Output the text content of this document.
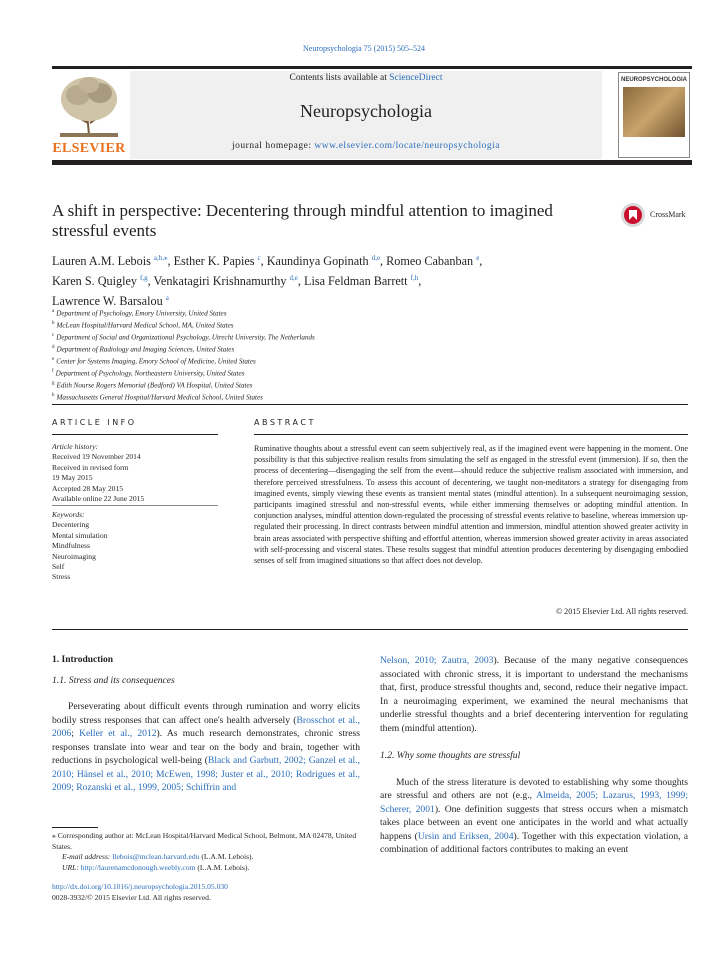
Neuropsychologia 75 (2015) 505–524
ELSEVIER
Contents lists available at ScienceDirect
Neuropsychologia
journal homepage: www.elsevier.com/locate/neuropsychologia
NEUROPSYCHOLOGIA
A shift in perspective: Decentering through mindful attention to imagined stressful events
CrossMark
Lauren A.M. Lebois $^{a,b,⁎}$, Esther K. Papies $^c$, Kaundinya Gopinath $^{d,e}$, Romeo Cabanban $^e$,
Karen S. Quigley $^{f,g}$, Venkatagiri Krishnamurthy $^{d,e}$, Lisa Feldman Barrett $^{f,h}$,
Lawrence W. Barsalou $^a$
$^a$ Department of Psychology, Emory University, United States
$^b$ McLean Hospital/Harvard Medical School, MA, United States
$^c$ Department of Social and Organizational Psychology, Utrecht University, The Netherlands
$^d$ Department of Radiology and Imaging Sciences, United States
$^e$ Center for Systems Imaging, Emory School of Medicine, United States
$^f$ Department of Psychology, Northeastern University, United States
$^g$ Edith Nourse Rogers Memorial (Bedford) VA Hospital, United States
$^h$ Massachusetts General Hospital/Harvard Medical School, United States
ARTICLE INFO	ABSTRACT
Article history:
Received 19 November 2014
Received in revised form
19 May 2015
Accepted 28 May 2015
Available online 22 June 2015
Keywords:
Decentering
Mental simulation
Mindfulness
Neuroimaging
Self
Stress
Ruminative thoughts about a stressful event can seem subjectively real, as if the imagined event were happening in the moment. One possibility is that this subjective realism results from simulating the self as engaged in the stressful event (immersion). If so, then the process of decentering—disengaging the self from the event—should reduce the subjective realism associated with immersion, and therefore perceived stressfulness. To assess this account of decentering, we taught non-meditators a strategy for disengaging from imagined events, simply viewing these events as transient mental states (mindful attention). In a subsequent neuroimaging session, participants imagined stressful and non-stressful events, while either immersing themselves or adopting mindful attention. In conjunction analyses, mindful attention down-regulated the processing of stressful events relative to baseline, whereas immersion up-regulated their processing. In direct contrasts between mindful attention and immersion, mindful attention showed greater activity in brain areas associated with perspective shifting and effortful attention, whereas immersion showed greater activity in areas associated with self-processing and visceral states. These results suggest that mindful attention produces decentering by disengaging embodied senses of self from imagined situations so that affect does not develop.
© 2015 Elsevier Ltd. All rights reserved.
1. Introduction
1.1. Stress and its consequences
Perseverating about difficult events through rumination and worry elicits bodily stress responses that can affect one's health adversely (Brosschot et al., 2006; Keller et al., 2012). As much research demonstrates, chronic stress responses translate into wear and tear on the body and brain, together with reductions in psychological well-being (Black and Garbutt, 2002; Ganzel et al., 2010; Hänsel et al., 2010; McEwen, 1998; Juster et al., 2010; Rodrigues et al., 2009; Rozanski et al., 1999, 2005; Schiffrin and
Nelson, 2010; Zautra, 2003). Because of the many negative consequences associated with chronic stress, it is important to understand the mechanisms that, first, produce stressful thoughts and, second, reduce their negative impact. In a neuroimaging experiment, we examined the neural mechanisms that underlie stressful thoughts and a brief decentering intervention for regulating them (mindful attention).
1.2. Why some thoughts are stressful
Much of the stress literature is devoted to establishing why some thoughts are stressful and others are not (e.g., Almeida, 2005; Lazarus, 1993, 1999; Scherer, 2001). One definition suggests that stress occurs when a mismatch takes place between an event one anticipates in the world and what actually happens (Ursin and Eriksen, 2004). Together with this expectation violation, a combination of additional factors contributes to making an event
⁎ Corresponding author at: McLean Hospital/Harvard Medical School, Belmont, MA 02478, United States.
E-mail address: llebois@mclean.harvard.edu (L.A.M. Lebois).
URL: http://laurenamcdonough.weebly.com (L.A.M. Lebois).
http://dx.doi.org/10.1016/j.neuropsychologia.2015.05.030
0028-3932/© 2015 Elsevier Ltd. All rights reserved.
